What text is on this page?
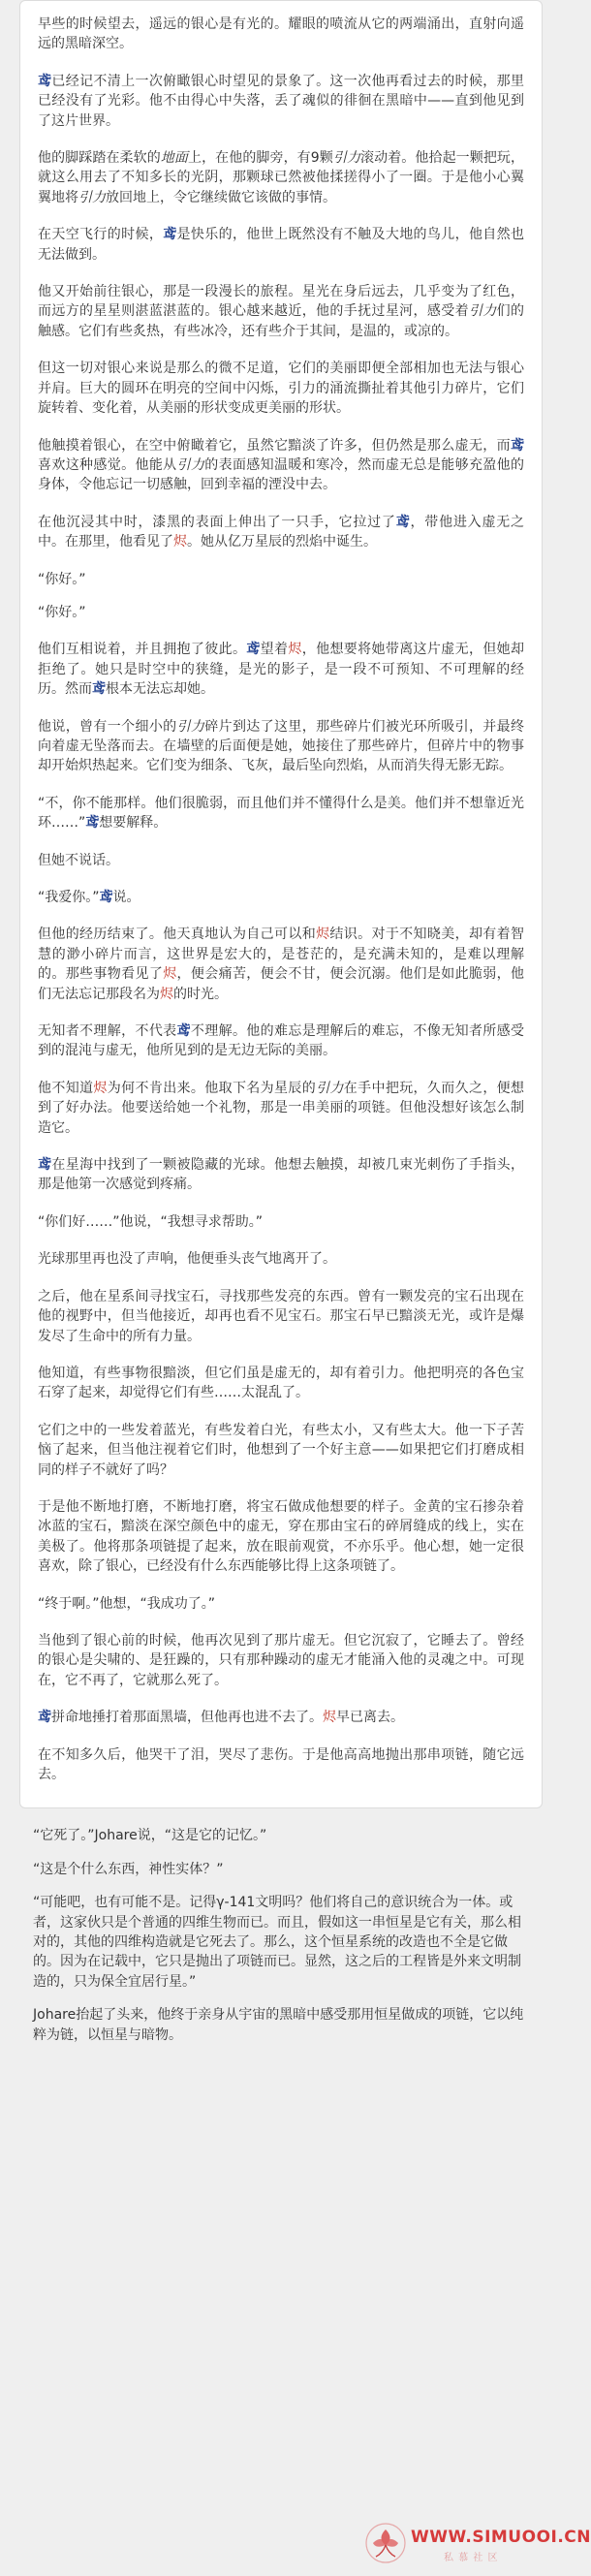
早些的时候望去，遥远的银心是有光的。耀眼的喷流从它的两端涌出，直射向遥远的黑暗深空。

鸢已经记不清上一次俯瞰银心时望见的景象了。这一次他再看过去的时候，那里已经没有了光彩。他不由得心中失落，丢了魂似的徘徊在黑暗中——直到他见到了这片世界。

他的脚踩踏在柔软的地面上，在他的脚旁，有9颗引力滚动着。他拾起一颗把玩，就这么用去了不知多长的光阴，那颗球已然被他揉搓得小了一圈。于是他小心翼翼地将引力放回地上，令它继续做它该做的事情。

在天空飞行的时候，鸢是快乐的，他世上既然没有不触及大地的鸟儿，他自然也无法做到。

他又开始前往银心，那是一段漫长的旅程。星光在身后远去，几乎变为了红色，而远方的星星则湛蓝湛蓝的。银心越来越近，他的手抚过星河，感受着引力们的触感。它们有些炙热，有些冰冷，还有些介于其间，是温的，或凉的。

但这一切对银心来说是那么的微不足道，它们的美丽即便全部相加也无法与银心并肩。巨大的圆环在明亮的空间中闪烁，引力的涌流撕扯着其他引力碎片，它们旋转着、变化着，从美丽的形状变成更美丽的形状。

他触摸着银心，在空中俯瞰着它，虽然它黯淡了许多，但仍然是那么虚无，而鸢喜欢这种感觉。他能从引力的表面感知温暖和寒冷，然而虚无总是能够充盈他的身体，令他忘记一切感触，回到幸福的湮没中去。

在他沉浸其中时，漆黑的表面上伸出了一只手，它拉过了鸢，带他进入虚无之中。在那里，他看见了烬。她从亿万星辰的烈焰中诞生。

“你好。”

“你好。”

他们互相说着，并且拥抱了彼此。鸢望着烬，他想要将她带离这片虚无，但她却拒绝了。她只是时空中的狭缝，是光的影子，是一段不可预知、不可理解的经历。然而鸢根本无法忘却她。

他说，曾有一个细小的引力碎片到达了这里，那些碎片们被光环所吸引，并最终向着虚无坠落而去。在墙壁的后面便是她，她接住了那些碎片，但碎片中的物事却开始炽热起来。它们变为细条、飞灰，最后坠向烈焰，从而消失得无影无踪。

“不，你不能那样。他们很脆弱，而且他们并不懂得什么是美。他们并不想靠近光环……”鸢想要解释。

但她不说话。

“我爱你。”鸢说。

但他的经历结束了。他天真地认为自己可以和烬结识。对于不知晓美，却有着智慧的渺小碎片而言，这世界是宏大的，是苍茫的，是充满未知的，是难以理解的。那些事物看见了烬，便会痛苦，便会不甘，便会沉溺。他们是如此脆弱，他们无法忘记那段名为烬的时光。

无知者不理解，不代表鸢不理解。他的难忘是理解后的难忘，不像无知者所感受到的混沌与虚无，他所见到的是无边无际的美丽。

他不知道烬为何不肯出来。他取下名为星辰的引力在手中把玩，久而久之，便想到了好办法。他要送给她一个礼物，那是一串美丽的项链。但他没想好该怎么制造它。

鸢在星海中找到了一颗被隐藏的光球。他想去触摸，却被几束光刺伤了手指头，那是他第一次感觉到疼痛。

“你们好……”他说，“我想寻求帮助。”

光球那里再也没了声响，他便垂头丧气地离开了。

之后，他在星系间寻找宝石，寻找那些发亮的东西。曾有一颗发亮的宝石出现在他的视野中，但当他接近，却再也看不见宝石。那宝石早已黯淡无光，或许是爆发尽了生命中的所有力量。

他知道，有些事物很黯淡，但它们虽是虚无的，却有着引力。他把明亮的各色宝石穿了起来，却觉得它们有些……太混乱了。

它们之中的一些发着蓝光，有些发着白光，有些太小，又有些太大。他一下子苦恼了起来，但当他注视着它们时，他想到了一个好主意——如果把它们打磨成相同的样子不就好了吗？

于是他不断地打磨，不断地打磨，将宝石做成他想要的样子。金黄的宝石掺杂着冰蓝的宝石，黯淡在深空颜色中的虚无，穿在那由宝石的碎屑缝成的线上，实在美极了。他将那条项链提了起来，放在眼前观赏，不亦乐乎。他心想，她一定很喜欢，除了银心，已经没有什么东西能够比得上这条项链了。

“终于啊。”他想，“我成功了。”

当他到了银心前的时候，他再次见到了那片虚无。但它沉寂了，它睡去了。曾经的银心是尖啸的、是狂躁的，只有那种躁动的虚无才能涌入他的灵魂之中。可现在，它不再了，它就那么死了。

鸢拼命地捶打着那面黑墙，但他再也进不去了。烬早已离去。

在不知多久后，他哭干了泪，哭尽了悲伤。于是他高高地抛出那串项链，随它远去。

“它死了。”Johare说，“这是它的记忆。”

“这是个什么东西，神性实体？”

“可能吧，也有可能不是。记得γ-141文明吗？他们将自己的意识统合为一体。或者，这家伙只是个普通的四维生物而已。而且，假如这一串恒星是它有关，那么相对的，其他的四维构造就是它死去了。那么，这个恒星系统的改造也不全是它做的。因为在记载中，它只是抛出了项链而已。显然，这之后的工程皆是外来文明制造的，只为保全宜居行星。”

Johare抬起了头来，他终于亲身从宇宙的黑暗中感受那用恒星做成的项链，它以纯粹为链，以恒星与暗物。

WWW.SIMUOOI.CN
私 慕 社 区
